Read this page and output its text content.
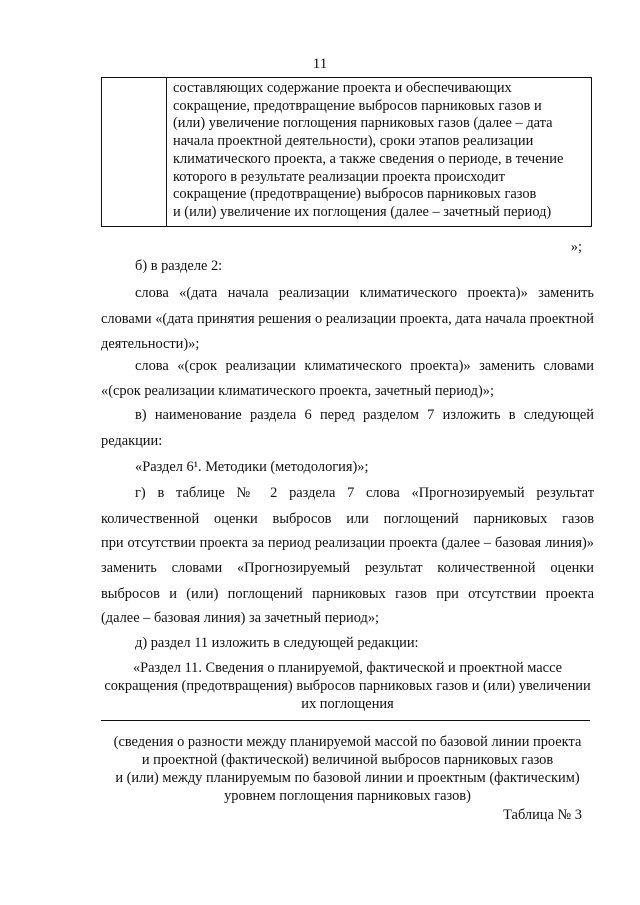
11
составляющих содержание проекта и обеспечивающих
сокращение, предотвращение выбросов парниковых газов и
(или) увеличение поглощения парниковых газов (далее – дата
начала проектной деятельности), сроки этапов реализации
климатического проекта, а также сведения о периоде, в течение
которого в результате реализации проекта происходит
сокращение (предотвращение) выбросов парниковых газов
и (или) увеличение их поглощения (далее – зачетный период)
»;
б) в разделе 2:
слова «(дата начала реализации климатического проекта)» заменить
словами «(дата принятия решения о реализации проекта, дата начала проектной
деятельности)»;
слова «(срок реализации климатического проекта)» заменить словами
«(срок реализации климатического проекта, зачетный период)»;
в) наименование раздела 6 перед разделом 7 изложить в следующей
редакции:
«Раздел 6¹. Методики (методология)»;
г) в таблице № 2 раздела 7 слова «Прогнозируемый результат
количественной оценки выбросов или поглощений парниковых газов
при отсутствии проекта за период реализации проекта (далее – базовая линия)»
заменить словами «Прогнозируемый результат количественной оценки
выбросов и (или) поглощений парниковых газов при отсутствии проекта
(далее – базовая линия) за зачетный период»;
д) раздел 11 изложить в следующей редакции:
«Раздел 11. Сведения о планируемой, фактической и проектной массе
сокращения (предотвращения) выбросов парниковых газов и (или) увеличении
их поглощения
(сведения о разности между планируемой массой по базовой линии проекта
и проектной (фактической) величиной выбросов парниковых газов
и (или) между планируемым по базовой линии и проектным (фактическим)
уровнем поглощения парниковых газов)
Таблица № 3
